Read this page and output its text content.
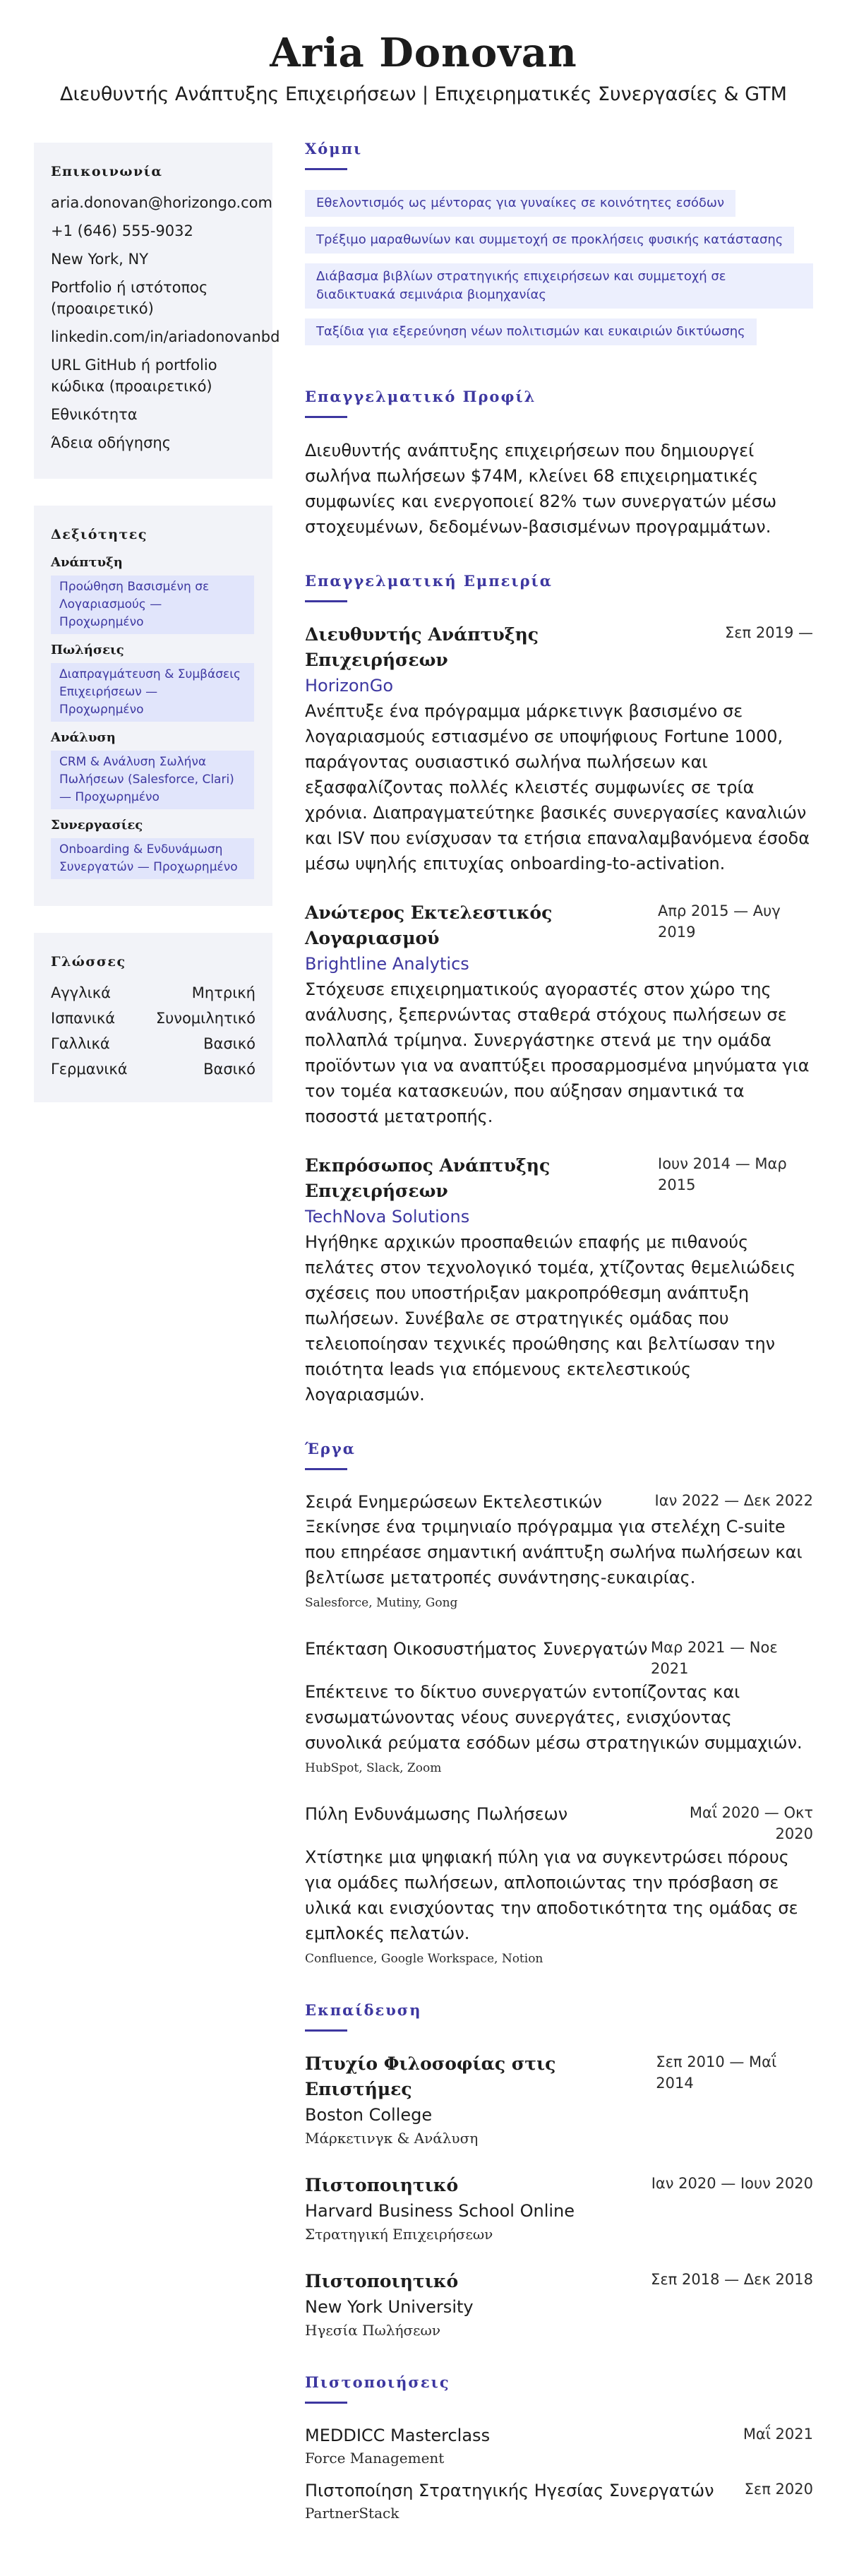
Aria Donovan
Διευθυντής Ανάπτυξης Επιχειρήσεων | Επιχειρηματικές Συνεργασίες & GTM
Επικοινωνία
aria.donovan@horizongo.com
+1 (646) 555-9032
New York, NY
Portfolio ή ιστότοπος (προαιρετικό)
linkedin.com/in/ariadonovanbd
URL GitHub ή portfolio κώδικα (προαιρετικό)
Εθνικότητα
Άδεια οδήγησης
Δεξιότητες
Ανάπτυξη
Προώθηση Βασισμένη σε Λογαριασμούς — Προχωρημένο
Πωλήσεις
Διαπραγμάτευση & Συμβάσεις Επιχειρήσεων — Προχωρημένο
Ανάλυση
CRM & Ανάλυση Σωλήνα Πωλήσεων (Salesforce, Clari) — Προχωρημένο
Συνεργασίες
Onboarding & Ενδυνάμωση Συνεργατών — Προχωρημένο
Γλώσσες
Αγγλικά	Μητρική
Ισπανικά	Συνομιλητικό
Γαλλικά	Βασικό
Γερμανικά	Βασικό
Χόμπι
Εθελοντισμός ως μέντορας για γυναίκες σε κοινότητες εσόδων
Τρέξιμο μαραθωνίων και συμμετοχή σε προκλήσεις φυσικής κατάστασης
Διάβασμα βιβλίων στρατηγικής επιχειρήσεων και συμμετοχή σε διαδικτυακά σεμινάρια βιομηχανίας
Ταξίδια για εξερεύνηση νέων πολιτισμών και ευκαιριών δικτύωσης
Επαγγελματικό Προφίλ
Διευθυντής ανάπτυξης επιχειρήσεων που δημιουργεί σωλήνα πωλήσεων $74M, κλείνει 68 επιχειρηματικές συμφωνίες και ενεργοποιεί 82% των συνεργατών μέσω στοχευμένων, δεδομένων-βασισμένων προγραμμάτων.
Επαγγελματική Εμπειρία
Διευθυντής Ανάπτυξης Επιχειρήσεων
Σεπ 2019 —
HorizonGo
Ανέπτυξε ένα πρόγραμμα μάρκετινγκ βασισμένο σε λογαριασμούς εστιασμένο σε υποψήφιους Fortune 1000, παράγοντας ουσιαστικό σωλήνα πωλήσεων και εξασφαλίζοντας πολλές κλειστές συμφωνίες σε τρία χρόνια. Διαπραγματεύτηκε βασικές συνεργασίες καναλιών και ISV που ενίσχυσαν τα ετήσια επαναλαμβανόμενα έσοδα μέσω υψηλής επιτυχίας onboarding-to-activation.
Ανώτερος Εκτελεστικός Λογαριασμού
Απρ 2015 — Αυγ 2019
Brightline Analytics
Στόχευσε επιχειρηματικούς αγοραστές στον χώρο της ανάλυσης, ξεπερνώντας σταθερά στόχους πωλήσεων σε πολλαπλά τρίμηνα. Συνεργάστηκε στενά με την ομάδα προϊόντων για να αναπτύξει προσαρμοσμένα μηνύματα για τον τομέα κατασκευών, που αύξησαν σημαντικά τα ποσοστά μετατροπής.
Εκπρόσωπος Ανάπτυξης Επιχειρήσεων
Ιουν 2014 — Μαρ 2015
TechNova Solutions
Ηγήθηκε αρχικών προσπαθειών επαφής με πιθανούς πελάτες στον τεχνολογικό τομέα, χτίζοντας θεμελιώδεις σχέσεις που υποστήριξαν μακροπρόθεσμη ανάπτυξη πωλήσεων. Συνέβαλε σε στρατηγικές ομάδας που τελειοποίησαν τεχνικές προώθησης και βελτίωσαν την ποιότητα leads για επόμενους εκτελεστικούς λογαριασμών.
Έργα
Σειρά Ενημερώσεων Εκτελεστικών	Ιαν 2022 — Δεκ 2022
Ξεκίνησε ένα τριμηνιαίο πρόγραμμα για στελέχη C-suite που επηρέασε σημαντική ανάπτυξη σωλήνα πωλήσεων και βελτίωσε μετατροπές συνάντησης-ευκαιρίας.
Salesforce, Mutiny, Gong
Επέκταση Οικοσυστήματος Συνεργατών Μαρ 2021 — Νοε 2021
Επέκτεινε το δίκτυο συνεργατών εντοπίζοντας και ενσωματώνοντας νέους συνεργάτες, ενισχύοντας συνολικά ρεύματα εσόδων μέσω στρατηγικών συμμαχιών.
HubSpot, Slack, Zoom
Πύλη Ενδυνάμωσης Πωλήσεων	Μαΐ 2020 — Οκτ 2020
Χτίστηκε μια ψηφιακή πύλη για να συγκεντρώσει πόρους για ομάδες πωλήσεων, απλοποιώντας την πρόσβαση σε υλικά και ενισχύοντας την αποδοτικότητα της ομάδας σε εμπλοκές πελατών.
Confluence, Google Workspace, Notion
Εκπαίδευση
Πτυχίο Φιλοσοφίας στις Επιστήμες
Σεπ 2010 — Μαΐ 2014
Boston College
Μάρκετινγκ & Ανάλυση
Πιστοποιητικό	Ιαν 2020 — Ιουν 2020
Harvard Business School Online
Στρατηγική Επιχειρήσεων
Πιστοποιητικό	Σεπ 2018 — Δεκ 2018
New York University
Ηγεσία Πωλήσεων
Πιστοποιήσεις
MEDDICC Masterclass	Μαΐ 2021
Force Management
Πιστοποίηση Στρατηγικής Ηγεσίας Συνεργατών Σεπ 2020
PartnerStack
